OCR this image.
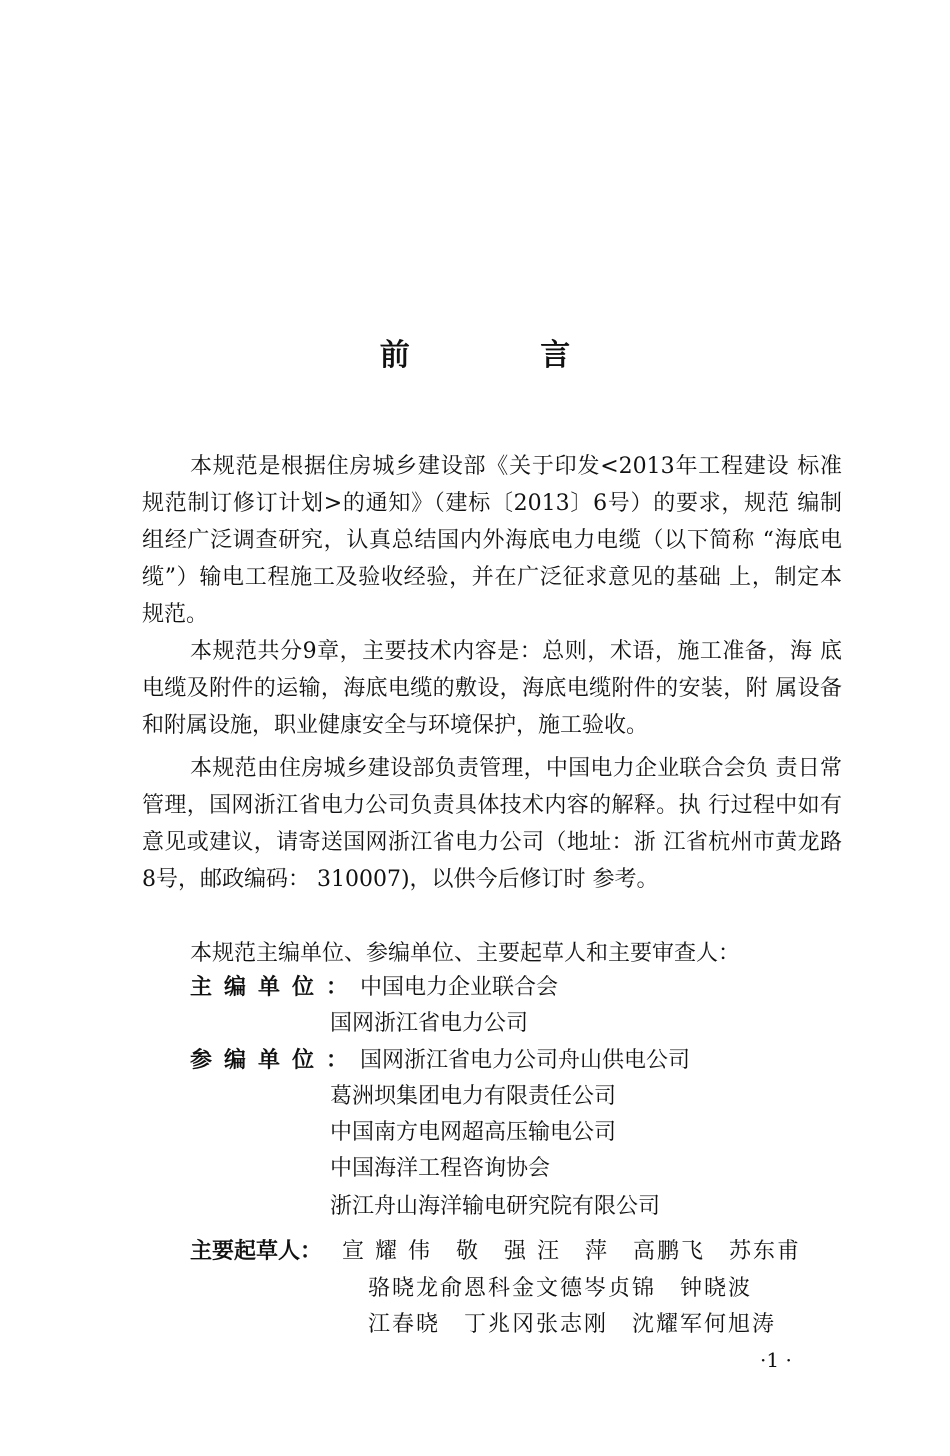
前 言
本规范是根据住房城乡建设部《关于印发<2013年工程建设 标准规范制订修订计划>的通知》（建标〔2013〕6号）的要求，规范 编制组经广泛调查研究，认真总结国内外海底电力电缆（以下简称 “海底电缆”）输电工程施工及验收经验，并在广泛征求意见的基础 上，制定本规范。
本规范共分9章，主要技术内容是：总则，术语，施工准备，海 底电缆及附件的运输，海底电缆的敷设，海底电缆附件的安装，附 属设备和附属设施，职业健康安全与环境保护，施工验收。
本规范由住房城乡建设部负责管理，中国电力企业联合会负 责日常管理，国网浙江省电力公司负责具体技术内容的解释。执 行过程中如有意见或建议，请寄送国网浙江省电力公司（地址：浙 江省杭州市黄龙路8号，邮政编码： 310007)，以供今后修订时 参考。
本规范主编单位、参编单位、主要起草人和主要审查人：
主编单位：中国电力企业联合会
国网浙江省电力公司
参编单位：国网浙江省电力公司舟山供电公司
葛洲坝集团电力有限责任公司
中国南方电网超高压输电公司
中国海洋工程咨询协会
浙江舟山海洋输电研究院有限公司
主要起草人： 宣 耀 伟　敬　强 汪　萍　高鹏飞　苏东甫
骆晓龙俞恩科金文德岑贞锦　钟晓波
江春晓　丁兆冈张志刚　沈耀军何旭涛
·1 ·
